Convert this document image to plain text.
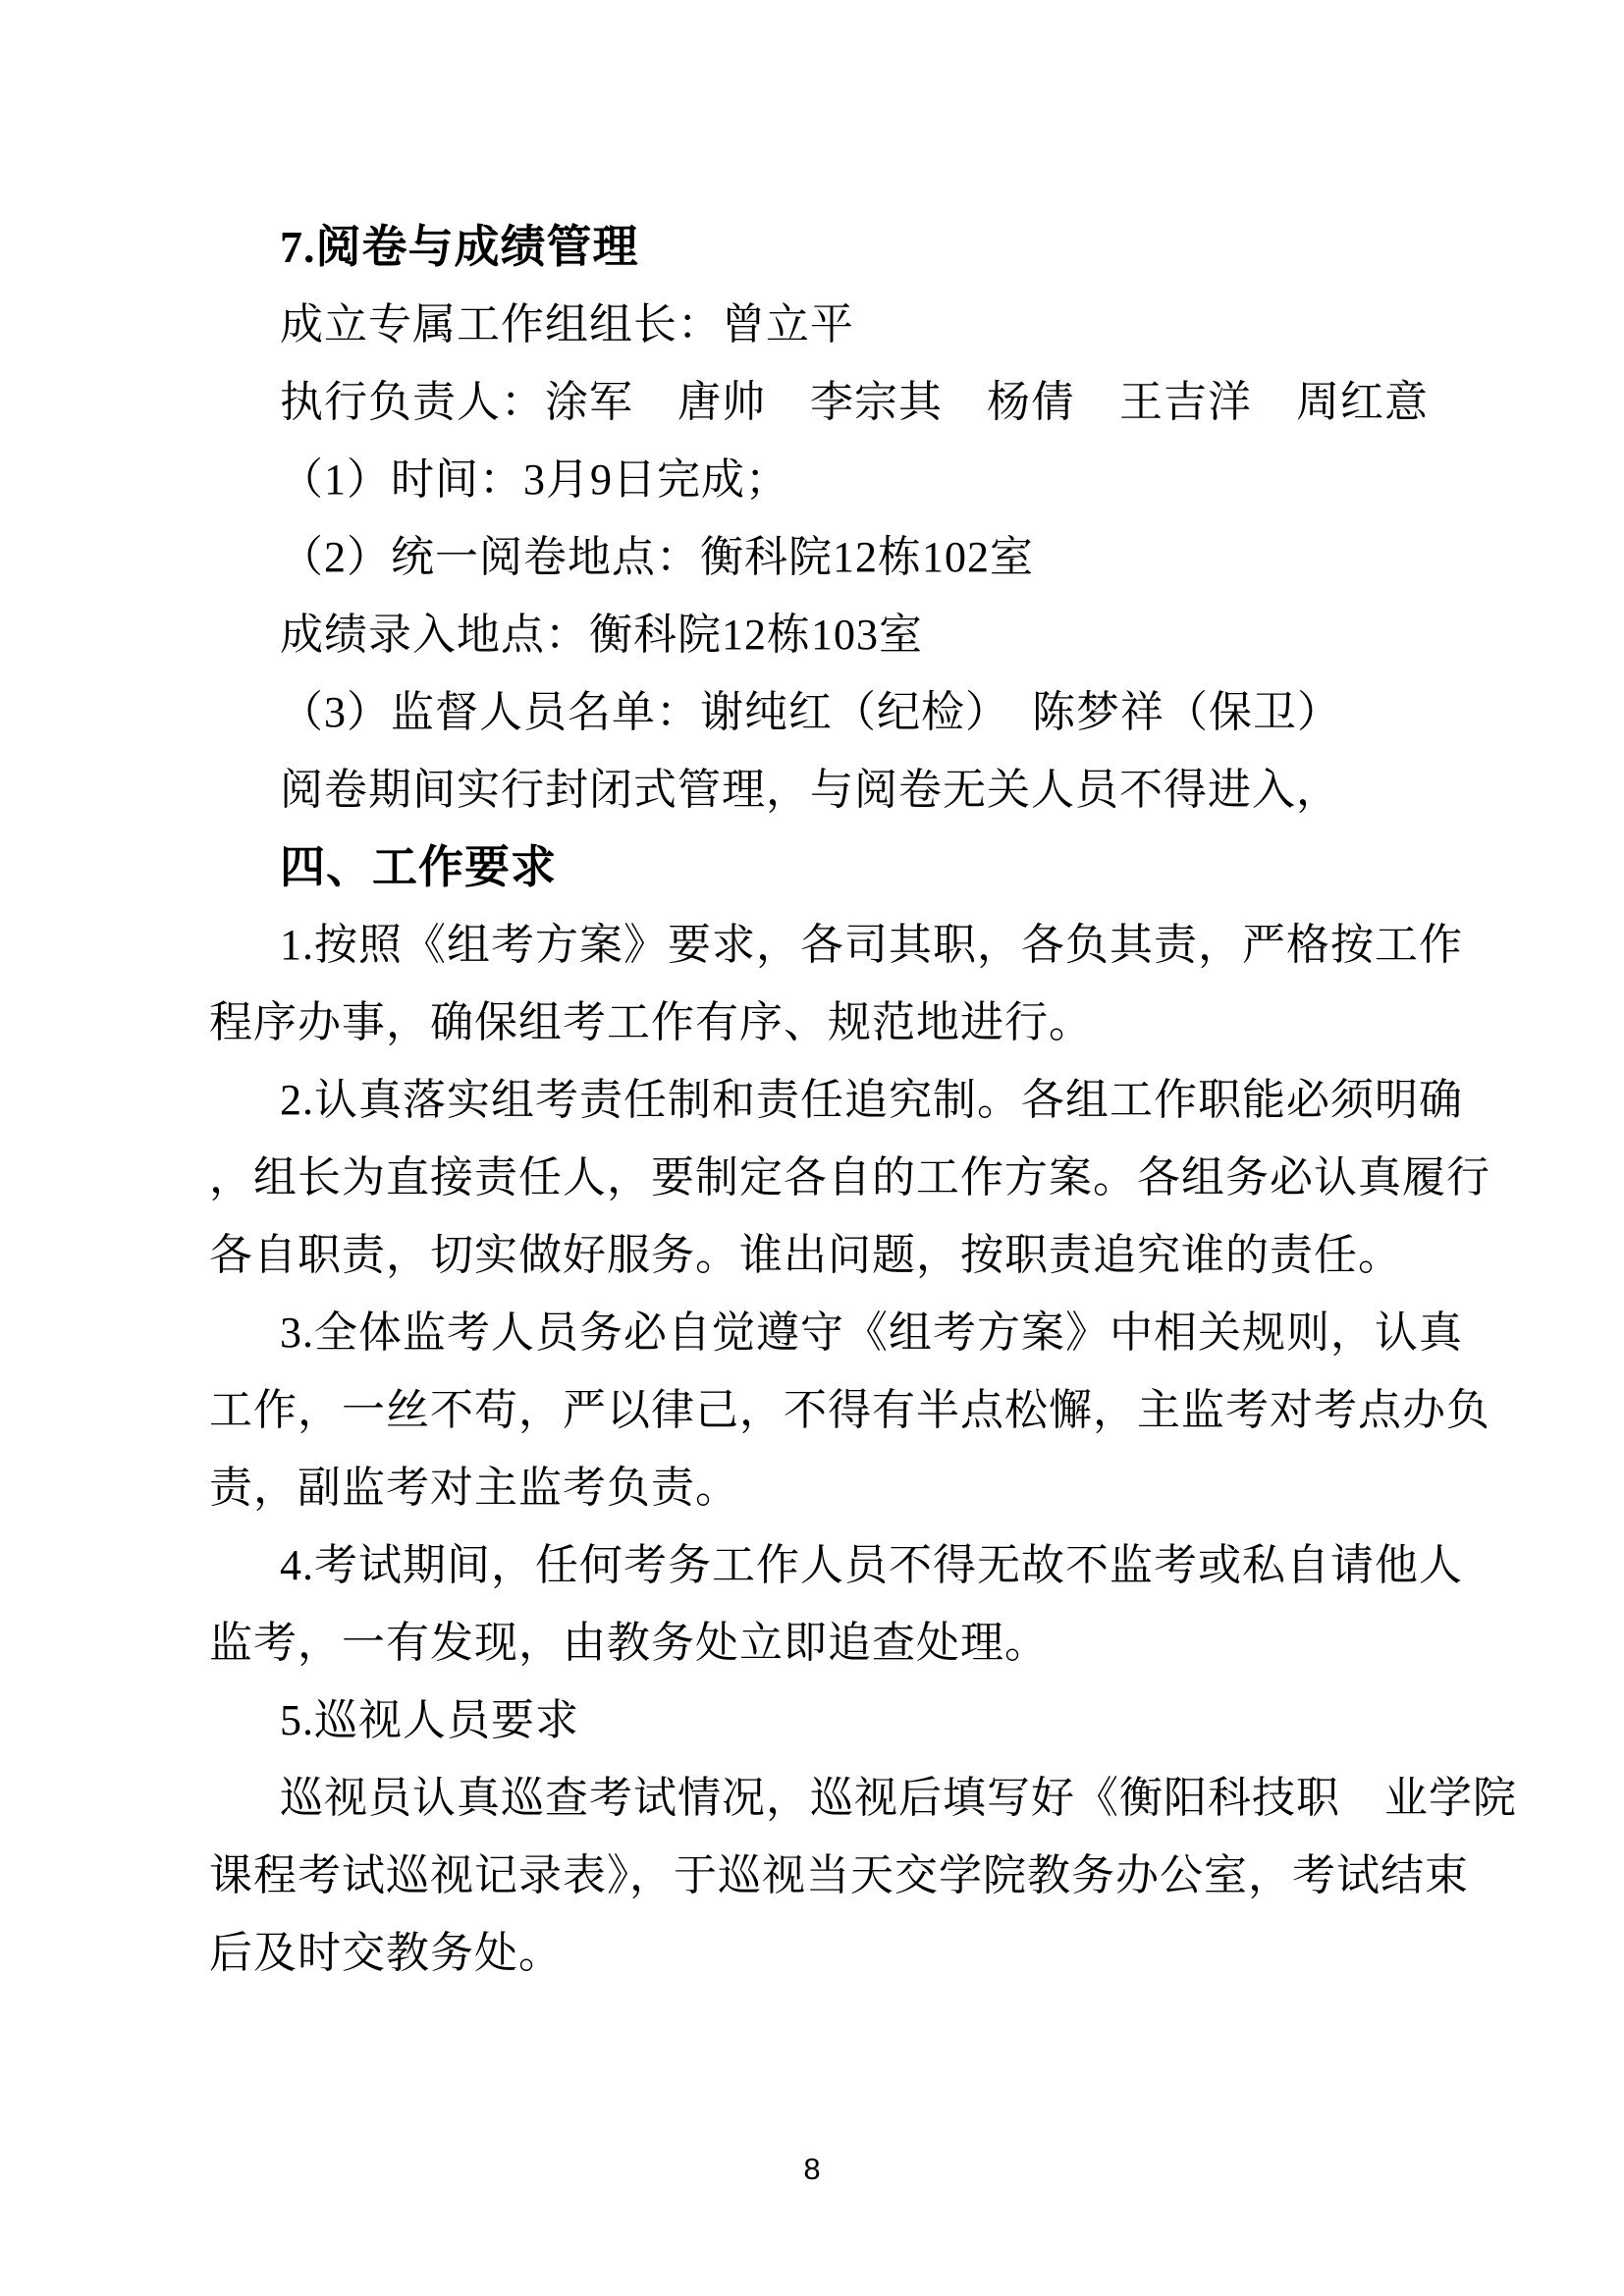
7.阅卷与成绩管理
成立专属工作组组长：曾立平
执行负责人：涂军　唐帅　李宗其　杨倩　王吉洋　周红意
（1）时间：3月9日完成；
（2）统一阅卷地点：衡科院12栋102室
成绩录入地点：衡科院12栋103室
（3）监督人员名单：谢纯红（纪检）　陈梦祥（保卫）
阅卷期间实行封闭式管理，与阅卷无关人员不得进入，
四、工作要求
1.按照《组考方案》要求，各司其职，各负其责，严格按工作
程序办事，确保组考工作有序、规范地进行。
2.认真落实组考责任制和责任追究制。各组工作职能必须明确
，组长为直接责任人，要制定各自的工作方案。各组务必认真履行
各自职责，切实做好服务。谁出问题，按职责追究谁的责任。
3.全体监考人员务必自觉遵守《组考方案》中相关规则，认真
工作，一丝不苟，严以律己，不得有半点松懈，主监考对考点办负
责，副监考对主监考负责。
4.考试期间，任何考务工作人员不得无故不监考或私自请他人
监考，一有发现，由教务处立即追查处理。
5.巡视人员要求
巡视员认真巡查考试情况，巡视后填写好《衡阳科技职　业学院
课程考试巡视记录表》，于巡视当天交学院教务办公室，考试结束
后及时交教务处。
8
